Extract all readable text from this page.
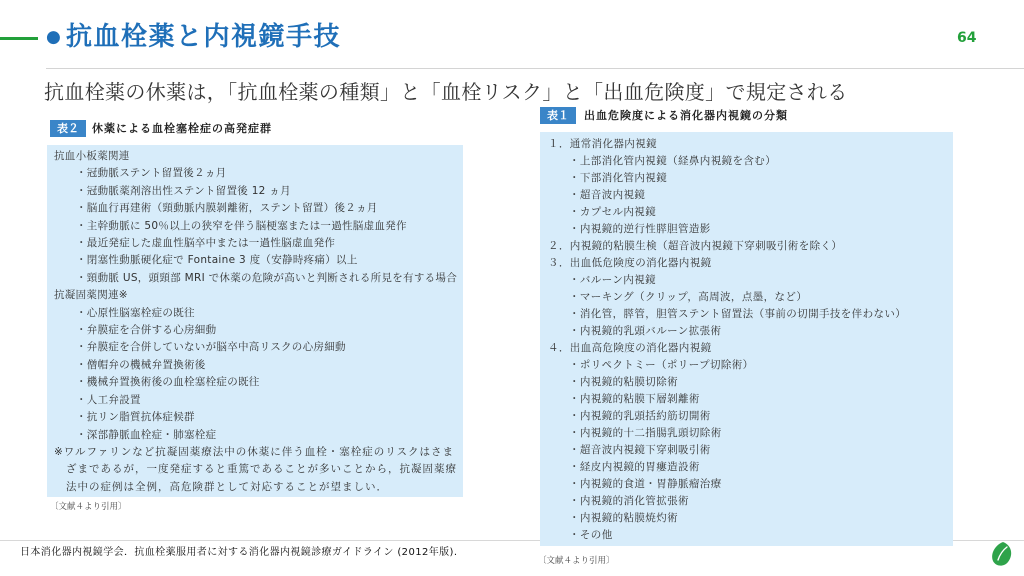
● 抗血栓薬と内視鏡手技	64
抗血栓薬の休薬は，「抗血栓薬の種類」と「血栓リスク」と「出血危険度」で規定される
表２	休薬による血栓塞栓症の高発症群
抗血小板薬関連
・冠動脈ステント留置後２ヵ月
・冠動脈薬剤溶出性ステント留置後 12 ヵ月
・脳血行再建術（頸動脈内膜剝離術，ステント留置）後２ヵ月
・主幹動脈に 50％以上の狭窄を伴う脳梗塞または一過性脳虚血発作
・最近発症した虚血性脳卒中または一過性脳虚血発作
・閉塞性動脈硬化症で Fontaine 3 度（安静時疼痛）以上
・頸動脈 US，頭頸部 MRI で休薬の危険が高いと判断される所見を有する場合
抗凝固薬関連※
・心原性脳塞栓症の既往
・弁膜症を合併する心房細動
・弁膜症を合併していないが脳卒中高リスクの心房細動
・僧帽弁の機械弁置換術後
・機械弁置換術後の血栓塞栓症の既往
・人工弁設置
・抗リン脂質抗体症候群
・深部静脈血栓症・肺塞栓症
※ワルファリンなど抗凝固薬療法中の休薬に伴う血栓・塞栓症のリスクはさま
ざまであるが，一度発症すると重篤であることが多いことから，抗凝固薬療
法中の症例は全例，高危険群として対応することが望ましい．
〔文献４より引用〕
表１	出血危険度による消化器内視鏡の分類
１．通常消化器内視鏡
・上部消化管内視鏡（経鼻内視鏡を含む）
・下部消化管内視鏡
・超音波内視鏡
・カプセル内視鏡
・内視鏡的逆行性膵胆管造影
２．内視鏡的粘膜生検（超音波内視鏡下穿刺吸引術を除く）
３．出血低危険度の消化器内視鏡
・バルーン内視鏡
・マーキング（クリップ，高周波，点墨，など）
・消化管，膵管，胆管ステント留置法（事前の切開手技を伴わない）
・内視鏡的乳頭バルーン拡張術
４．出血高危険度の消化器内視鏡
・ポリペクトミー（ポリープ切除術）
・内視鏡的粘膜切除術
・内視鏡的粘膜下層剝離術
・内視鏡的乳頭括約筋切開術
・内視鏡的十二指腸乳頭切除術
・超音波内視鏡下穿刺吸引術
・経皮内視鏡的胃瘻造設術
・内視鏡的食道・胃静脈瘤治療
・内視鏡的消化管拡張術
・内視鏡的粘膜焼灼術
・その他
〔文献４より引用〕
日本消化器内視鏡学会．抗血栓薬服用者に対する消化器内視鏡診療ガイドライン (2012年版).
